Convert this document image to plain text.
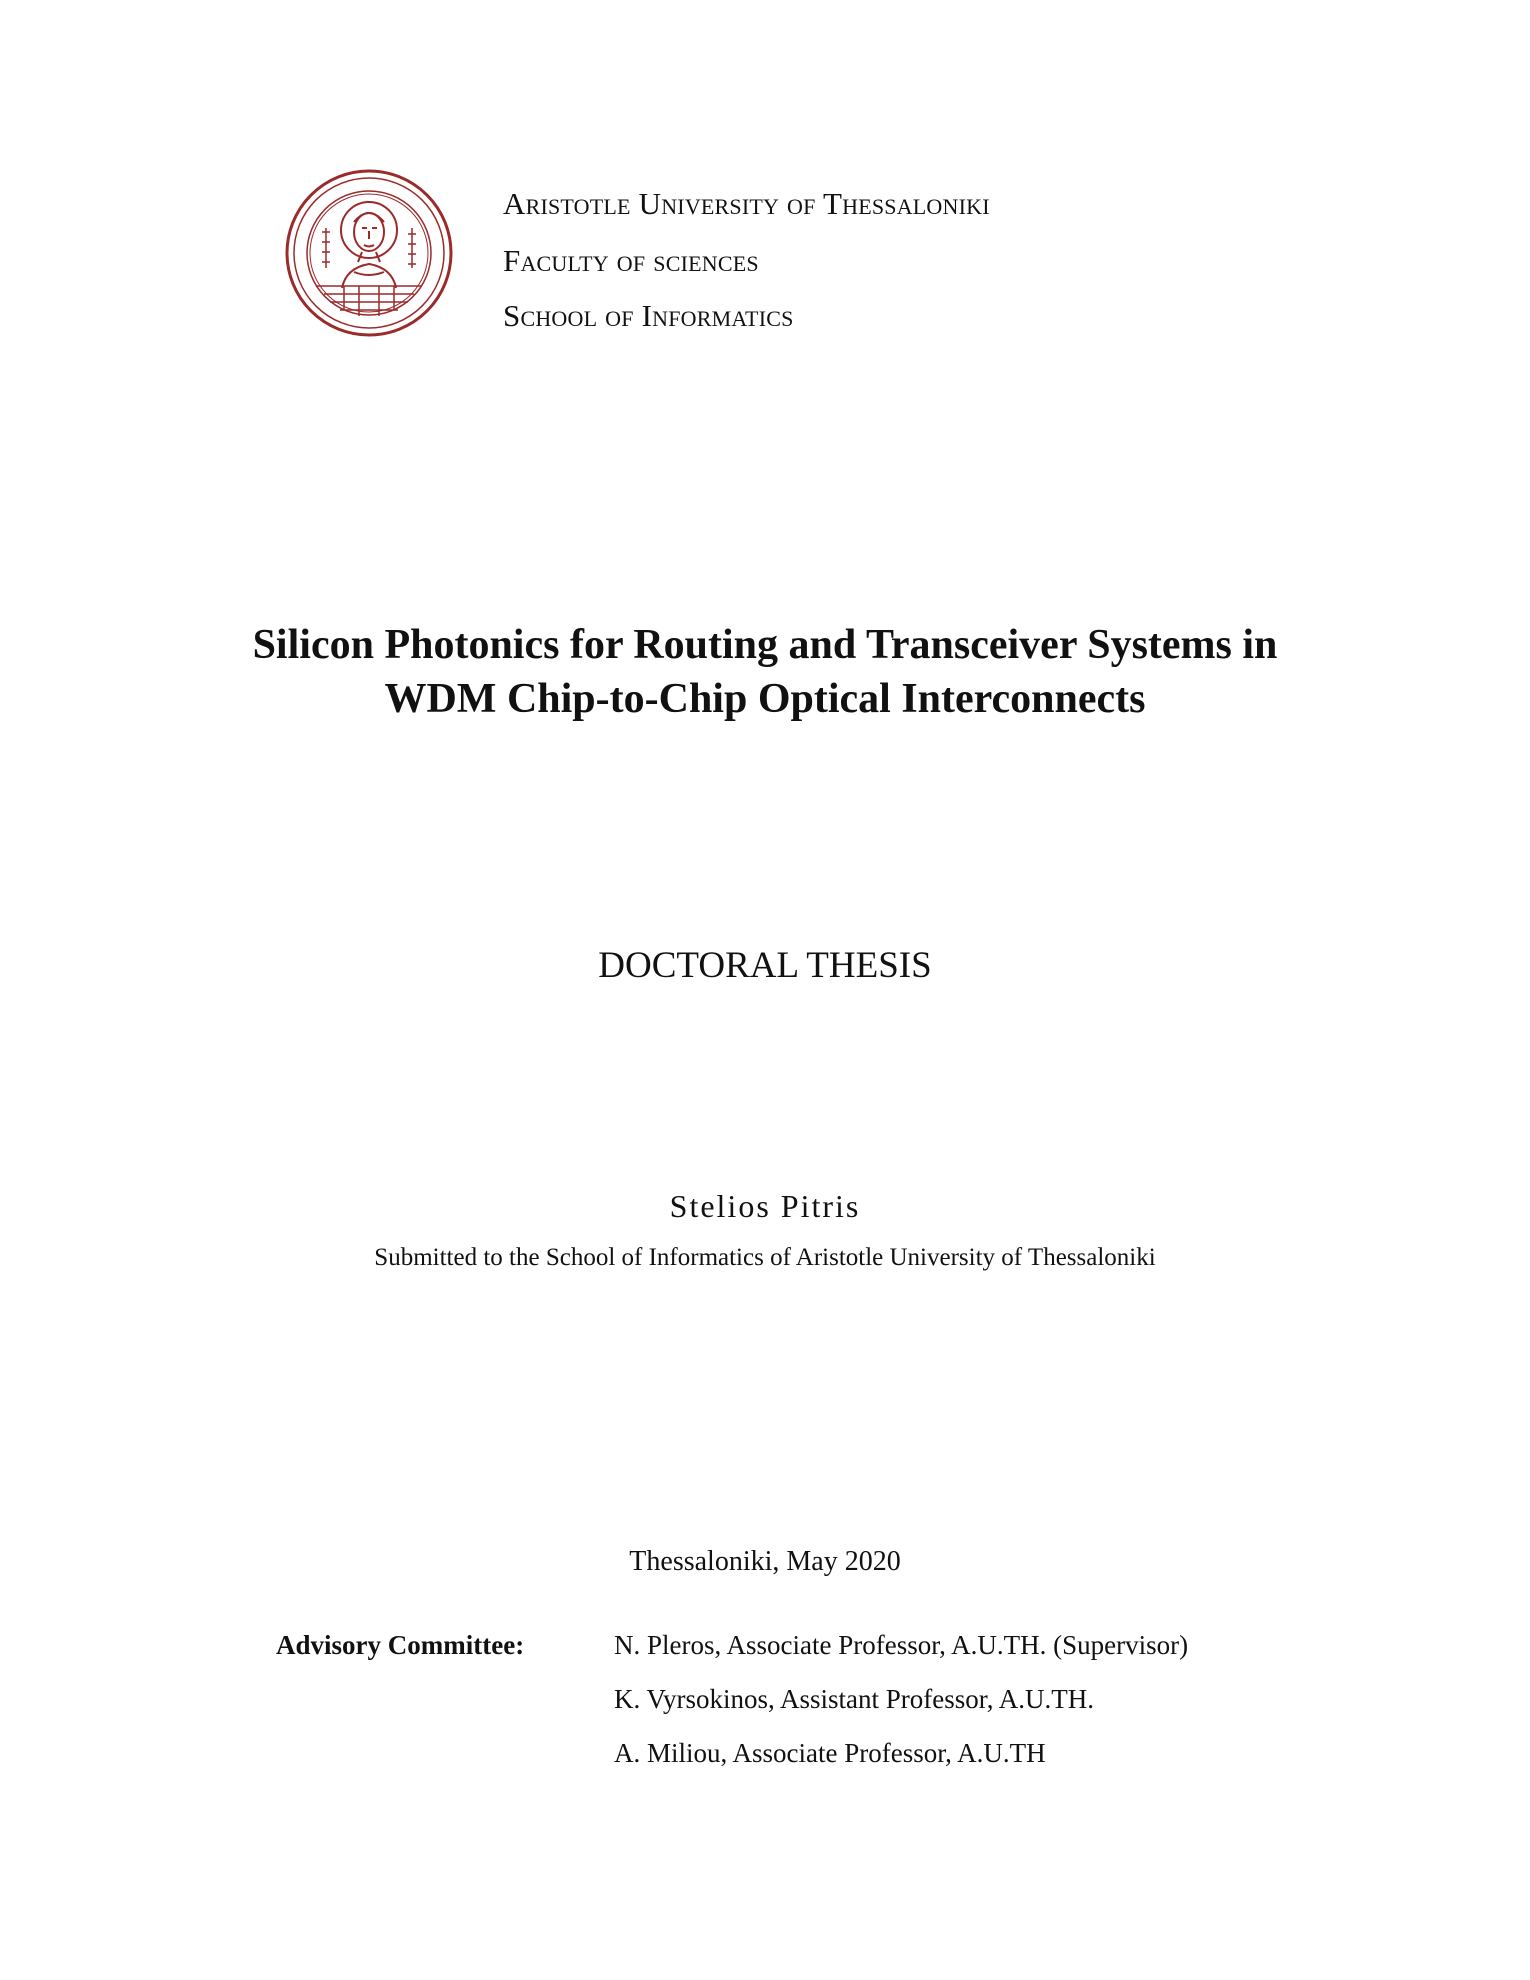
Aristotle University of Thessaloniki
Faculty of sciences
School of Informatics
Silicon Photonics for Routing and Transceiver Systems in
WDM Chip-to-Chip Optical Interconnects
DOCTORAL THESIS
Stelios Pitris
Submitted to the School of Informatics of Aristotle University of Thessaloniki
Thessaloniki, May 2020
Advisory Committee:	N. Pleros, Associate Professor, A.U.TH. (Supervisor)
K. Vyrsokinos, Assistant Professor, A.U.TH.
A. Miliou, Associate Professor, A.U.TH
